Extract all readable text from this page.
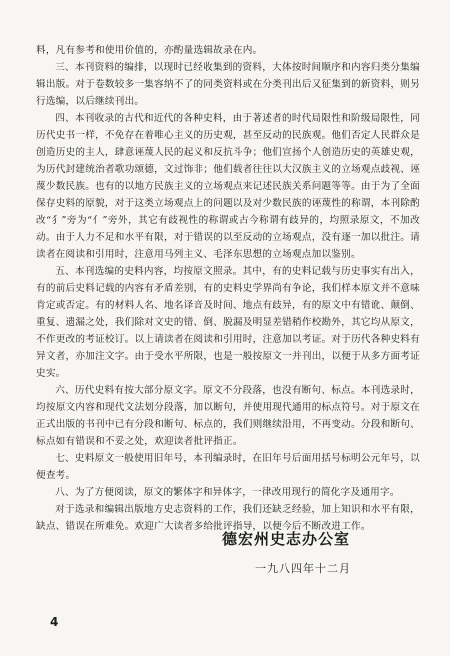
料，凡有参考和使用价值的，亦酌量选辑故录在内。

三、本刊资料的编排，以现时已经收集到的资料，大体按时间顺序和内容归类分集编辑出版。对于卷数较多一集容纳不了的同类资料或在分类刊出后又征集到的新资料，则另行选编，以后继续刊出。

四、本刊收录的古代和近代的各种史料，由于著述者的时代局限性和阶级局限性，同历代史书一样，不免存在着唯心主义的历史观，甚至反动的民族观。他们否定人民群众是创造历史的主人，肆意诬蔑人民的起义和反抗斗争；他们宣扬个人创造历史的英雄史观，为历代封建统治者歌功颂德，文过饰非；他们载者往往以大汉族主义的立场观点歧视、诬蔑少数民族。也有的以地方民族主义的立场观点来记述民族关系问题等等。由于为了全面保存史料的原貌，对于这类立场观点上的问题以及对少数民族的诬蔑性的称谓，本刊除酌改“犭”旁为“亻”旁外，其它有歧视性的称谓或古今称谓有歧异的，均照录原文，不加改动。由于人力不足和水平有限，对于错误的以至反动的立场观点，没有逐一加以批注。请读者在阅读和引用时，注意用马列主义、毛泽东思想的立场观点加以鉴别。

五、本刊选编的史料内容，均按原文照录。其中，有的史料记载与历史事实有出入，有的前后史料记载的内容有矛盾差别，有的史料史学界尚有争论，我们样本原文并不意味肯定或否定。有的材料人名、地名译音及时间、地点有歧异，有的原文中有错讹、颠倒、重复、遗漏之处，我们除对文史的错、倒、脱漏及明显差错稍作校勘外，其它均从原文，不作更改的考证校订。以上请读者在阅读和引用时，注意加以考证。对于历代各种史料有异文者，亦加注文字。由于受水平所限，也是一般按原文一并刊出，以便于从多方面考证史实。

六、历代史料有按大部分原文字。原文不分段落，也没有断句、标点。本刊选录时，均按原文内容和现代文法划分段落，加以断句，并使用现代通用的标点符号。对于原文在正式出版的书刊中已有分段和断句、标点的，我们则继续沿用，不再变动。分段和断句、标点如有错误和不妥之处，欢迎读者批评指正。

七、史料原文一般使用旧年号，本刊编录时，在旧年号后面用括号标明公元年号，以便查考。

八、为了方便阅读，原文的繁体字和异体字，一律改用现行的简化字及通用字。

对于选录和编辑出版地方史志资料的工作，我们还缺乏经验，加上知识和水平有限，缺点、错误在所难免。欢迎广大读者多给批评指导，以便今后不断改进工作。

德宏州史志办公室
一九八四年十二月
4
